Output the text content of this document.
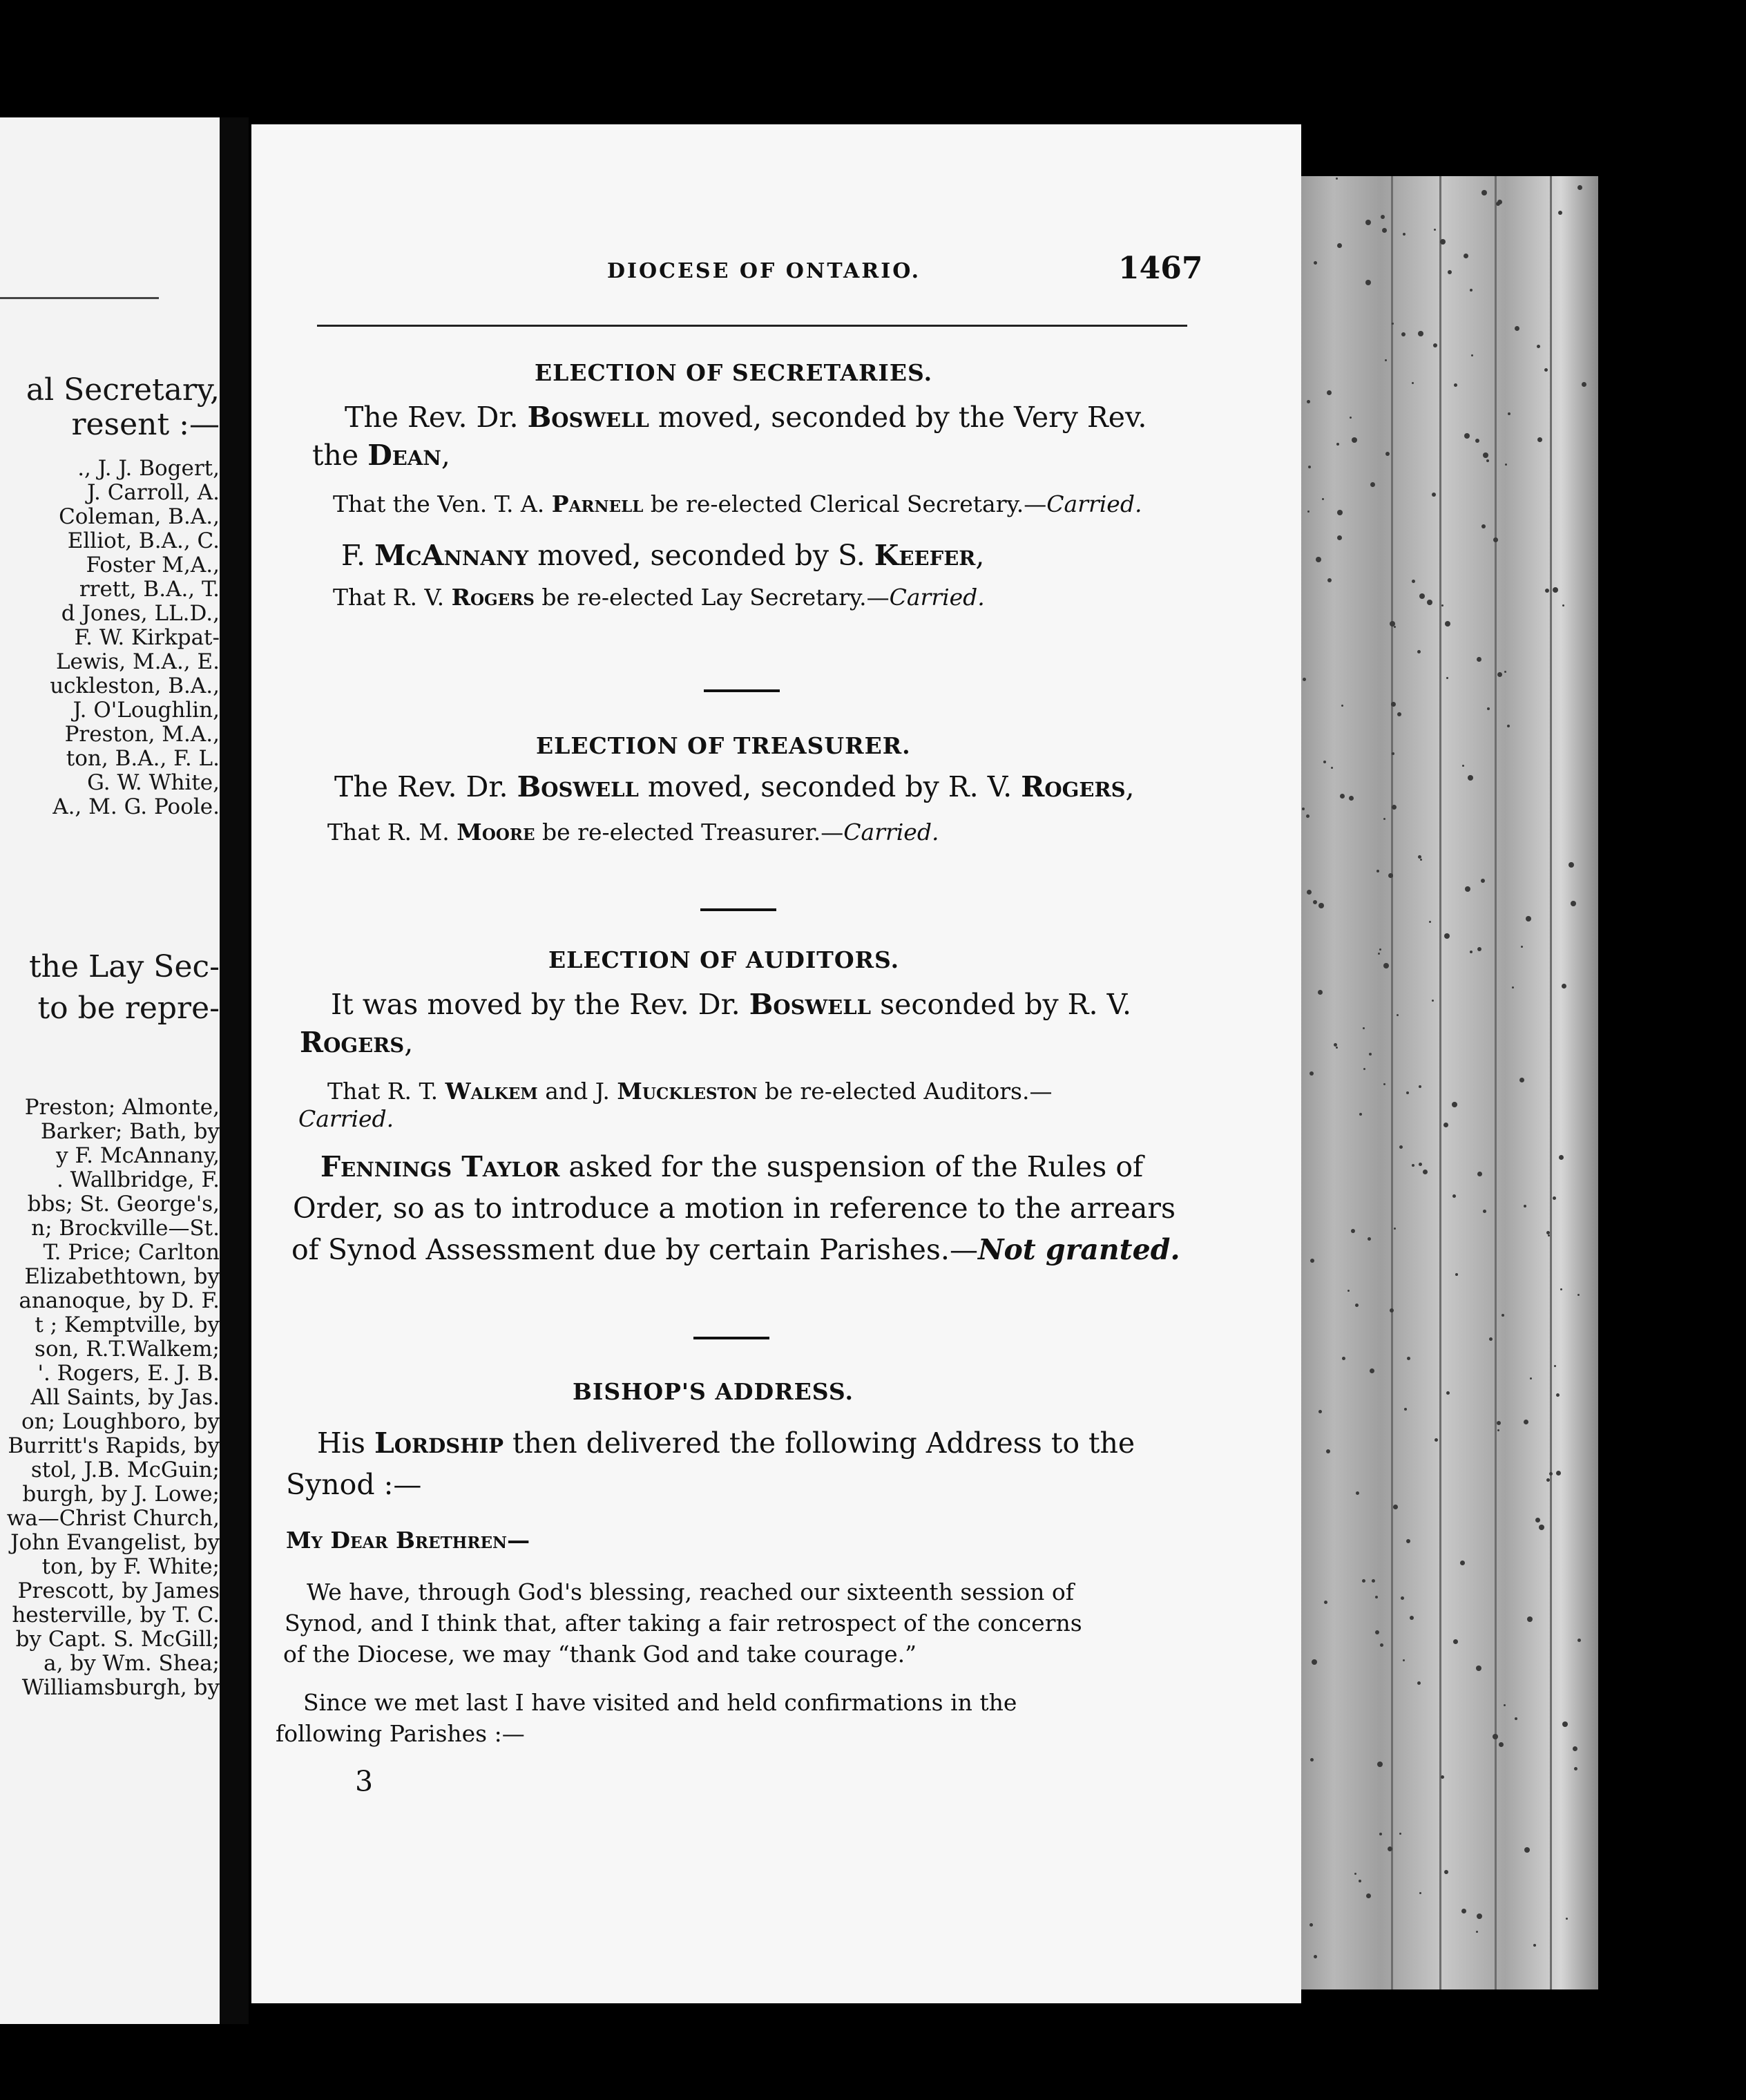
al Secretary,
resent :—
., J. J. Bogert,
J. Carroll, A.
Coleman, B.A.,
Elliot, B.A., C.
Foster M,A.,
rrett, B.A., T.
d Jones, LL.D.,
F. W. Kirkpat-
Lewis, M.A., E.
uckleston, B.A.,
J. O'Loughlin,
Preston, M.A.,
ton, B.A., F. L.
G. W. White,
A., M. G. Poole.
the Lay Sec-
to be repre-
Preston; Almonte,
Barker; Bath, by
y F. McAnnany,
. Wallbridge, F.
bbs; St. George's,
n; Brockville—St.
T. Price; Carlton
Elizabethtown, by
ananoque, by D. F.
t ; Kemptville, by
son, R.T.Walkem;
'. Rogers, E. J. B.
All Saints, by Jas.
on; Loughboro, by
Burritt's Rapids, by
stol, J.B. McGuin;
burgh, by J. Lowe;
wa—Christ Church,
John Evangelist, by
ton, by F. White;
Prescott, by James
hesterville, by T. C.
by Capt. S. McGill;
a, by Wm. Shea;
Williamsburgh, by
DIOCESE OF ONTARIO.	1467
ELECTION OF SECRETARIES.
The Rev. Dr. Boswell moved, seconded by the Very Rev.
the Dean,
That the Ven. T. A. Parnell be re-elected Clerical Secretary.—Carried.
F. McAnnany moved, seconded by S. Keefer,
That R. V. Rogers be re-elected Lay Secretary.—Carried.
ELECTION OF TREASURER.
The Rev. Dr. Boswell moved, seconded by R. V. Rogers,
That R. M. Moore be re-elected Treasurer.—Carried.
ELECTION OF AUDITORS.
It was moved by the Rev. Dr. Boswell seconded by R. V.
Rogers,
That R. T. Walkem and J. Muckleston be re-elected Auditors.—
Carried.
Fennings Taylor asked for the suspension of the Rules of
Order, so as to introduce a motion in reference to the arrears
of Synod Assessment due by certain Parishes.—Not granted.
BISHOP'S ADDRESS.
His Lordship then delivered the following Address to the
Synod :—
My Dear Brethren—
We have, through God's blessing, reached our sixteenth session of
Synod, and I think that, after taking a fair retrospect of the concerns
of the Diocese, we may “thank God and take courage.”
Since we met last I have visited and held confirmations in the
following Parishes :—
3
